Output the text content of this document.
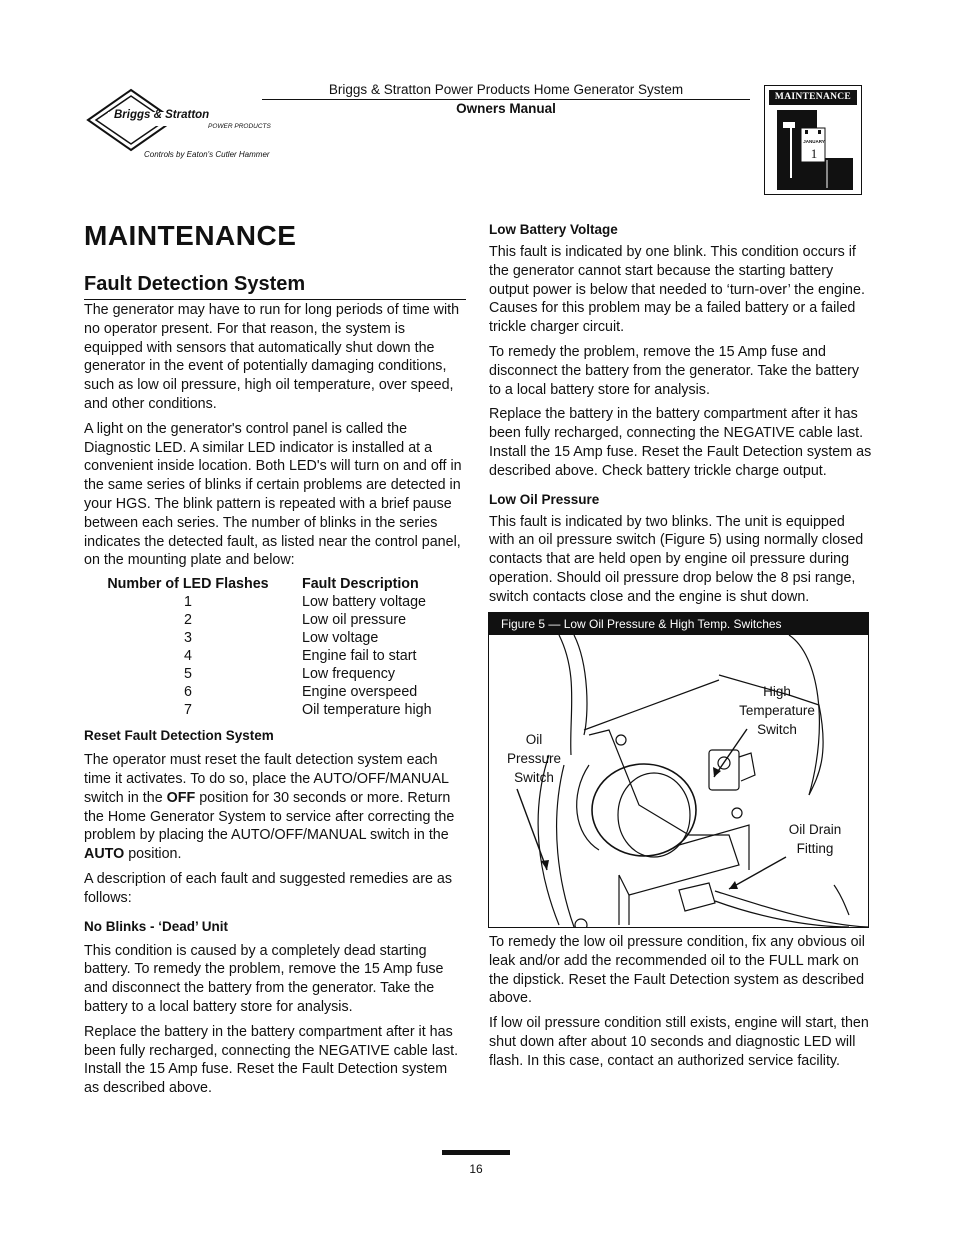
Briggs & Stratton
POWER PRODUCTS
Controls by Eaton's Cutler Hammer
Briggs & Stratton Power Products Home Generator System
Owners Manual
MAINTENANCE
JANUARY
1
MAINTENANCE
Fault Detection System

The generator may have to run for long periods of time with no operator present. For that reason, the system is equipped with sensors that automatically shut down the generator in the event of potentially damaging conditions, such as low oil pressure, high oil temperature, over speed, and other conditions.

A light on the generator's control panel is called the Diagnostic LED. A similar LED indicator is installed at a convenient inside location. Both LED's will turn on and off in the same series of blinks if certain problems are detected in your HGS. The blink pattern is repeated with a brief pause between each series. The number of blinks in the series indicates the detected fault, as listed near the control panel, on the mounting plate and below:

Number of LED Flashes	Fault Description
1	Low battery voltage
2	Low oil pressure
3	Low voltage
4	Engine fail to start
5	Low frequency
6	Engine overspeed
7	Oil temperature high

Reset Fault Detection System

The operator must reset the fault detection system each time it activates. To do so, place the AUTO/OFF/MANUAL switch in the OFF position for 30 seconds or more. Return the Home Generator System to service after correcting the problem by placing the AUTO/OFF/MANUAL switch in the AUTO position.

A description of each fault and suggested remedies are as follows:

No Blinks - ‘Dead’ Unit

This condition is caused by a completely dead starting battery. To remedy the problem, remove the 15 Amp fuse and disconnect the battery from the generator. Take the battery to a local battery store for analysis.

Replace the battery in the battery compartment after it has been fully recharged, connecting the NEGATIVE cable last. Install the 15 Amp fuse. Reset the Fault Detection system as described above.

Low Battery Voltage

This fault is indicated by one blink. This condition occurs if the generator cannot start because the starting battery output power is below that needed to ‘turn-over’ the engine. Causes for this problem may be a failed battery or a failed trickle charger circuit.

To remedy the problem, remove the 15 Amp fuse and disconnect the battery from the generator. Take the battery to a local battery store for analysis.

Replace the battery in the battery compartment after it has been fully recharged, connecting the NEGATIVE cable last. Install the 15 Amp fuse. Reset the Fault Detection system as described above. Check battery trickle charge output.

Low Oil Pressure

This fault is indicated by two blinks. The unit is equipped with an oil pressure switch (Figure 5) using normally closed contacts that are held open by engine oil pressure during operation. Should oil pressure drop below the 8 psi range, switch contacts close and the engine is shut down.

Figure 5 — Low Oil Pressure & High Temp. Switches
Oil
Pressure
Switch
High
Temperature
Switch
Oil Drain
Fitting

To remedy the low oil pressure condition, fix any obvious oil leak and/or add the recommended oil to the FULL mark on the dipstick. Reset the Fault Detection system as described above.

If low oil pressure condition still exists, engine will start, then shut down after about 10 seconds and diagnostic LED will flash. In this case, contact an authorized service facility.

16
